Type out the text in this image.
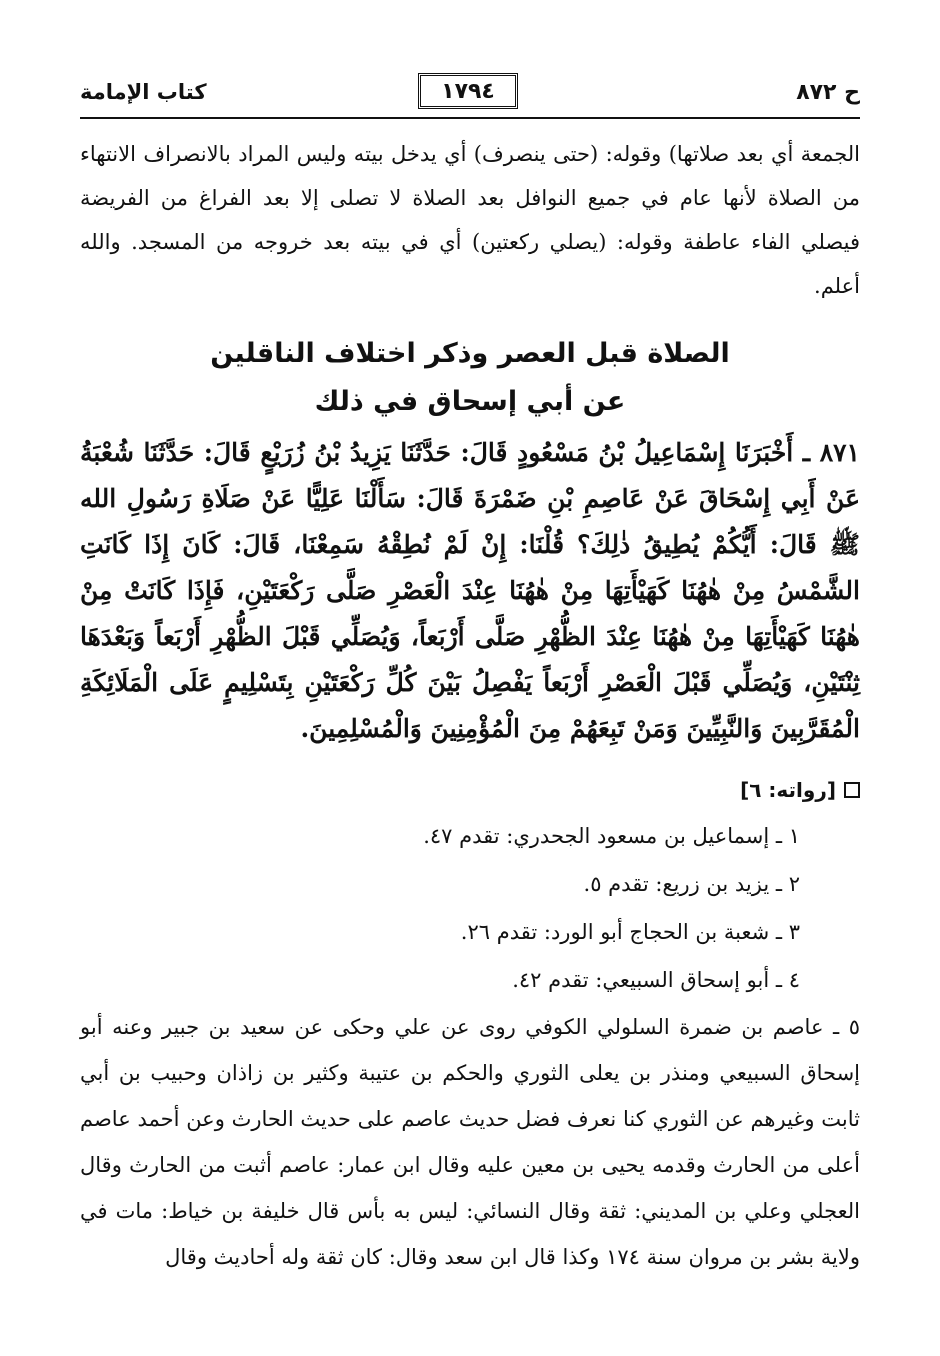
ح ٨٧٢
١٧٩٤
كتاب الإمامة

الجمعة أي بعد صلاتها) وقوله: (حتى ينصرف) أي يدخل بيته وليس المراد بالانصراف الانتهاء من الصلاة لأنها عام في جميع النوافل بعد الصلاة لا تصلى إلا بعد الفراغ من الفريضة فيصلي الفاء عاطفة وقوله: (يصلي ركعتين) أي في بيته بعد خروجه من المسجد. والله أعلم.

الصلاة قبل العصر وذكر اختلاف الناقلين
عن أبي إسحاق في ذلك

٨٧١ ـ أَخْبَرَنَا إِسْمَاعِيلُ بْنُ مَسْعُودٍ قَالَ: حَدَّثَنَا يَزِيدُ بْنُ زُرَيْعٍ قَالَ: حَدَّثَنَا شُعْبَةُ عَنْ أَبِي إِسْحَاقَ عَنْ عَاصِمِ بْنِ ضَمْرَةَ قَالَ: سَأَلْنَا عَلِيًّا عَنْ صَلَاةِ رَسُولِ الله ﷺ قَالَ: أَيُّكُمْ يُطِيقُ ذٰلِكَ؟ قُلْنَا: إِنْ لَمْ نُطِقْهُ سَمِعْنَا، قَالَ: كَانَ إِذَا كَانَتِ الشَّمْسُ مِنْ هٰهُنَا كَهَيْأَتِهَا مِنْ هٰهُنَا عِنْدَ الْعَصْرِ صَلَّى رَكْعَتَيْنِ، فَإِذَا كَانَتْ مِنْ هٰهُنَا كَهَيْأَتِهَا مِنْ هٰهُنَا عِنْدَ الظُّهْرِ صَلَّى أَرْبَعاً، وَيُصَلِّي قَبْلَ الظُّهْرِ أَرْبَعاً وَبَعْدَهَا ثِنْتَيْنِ، وَيُصَلِّي قَبْلَ الْعَصْرِ أَرْبَعاً يَفْصِلُ بَيْنَ كُلِّ رَكْعَتَيْنِ بِتَسْلِيمٍ عَلَى الْمَلَائِكَةِ الْمُقَرَّبِينَ وَالنَّبِيِّينَ وَمَنْ تَبِعَهُمْ مِنَ الْمُؤْمِنِينَ وَالْمُسْلِمِينَ.

[رواته: ٦]
١ ـ إسماعيل بن مسعود الجحدري: تقدم ٤٧.
٢ ـ يزيد بن زريع: تقدم ٥.
٣ ـ شعبة بن الحجاج أبو الورد: تقدم ٢٦.
٤ ـ أبو إسحاق السبيعي: تقدم ٤٢.

٥ ـ عاصم بن ضمرة السلولي الكوفي روى عن علي وحكى عن سعيد بن جبير وعنه أبو إسحاق السبيعي ومنذر بن يعلى الثوري والحكم بن عتيبة وكثير بن زاذان وحبيب بن أبي ثابت وغيرهم عن الثوري كنا نعرف فضل حديث عاصم على حديث الحارث وعن أحمد عاصم أعلى من الحارث وقدمه يحيى بن معين عليه وقال ابن عمار: عاصم أثبت من الحارث وقال العجلي وعلي بن المديني: ثقة وقال النسائي: ليس به بأس قال خليفة بن خياط: مات في ولاية بشر بن مروان سنة ١٧٤ وكذا قال ابن سعد وقال: كان ثقة وله أحاديث وقال
